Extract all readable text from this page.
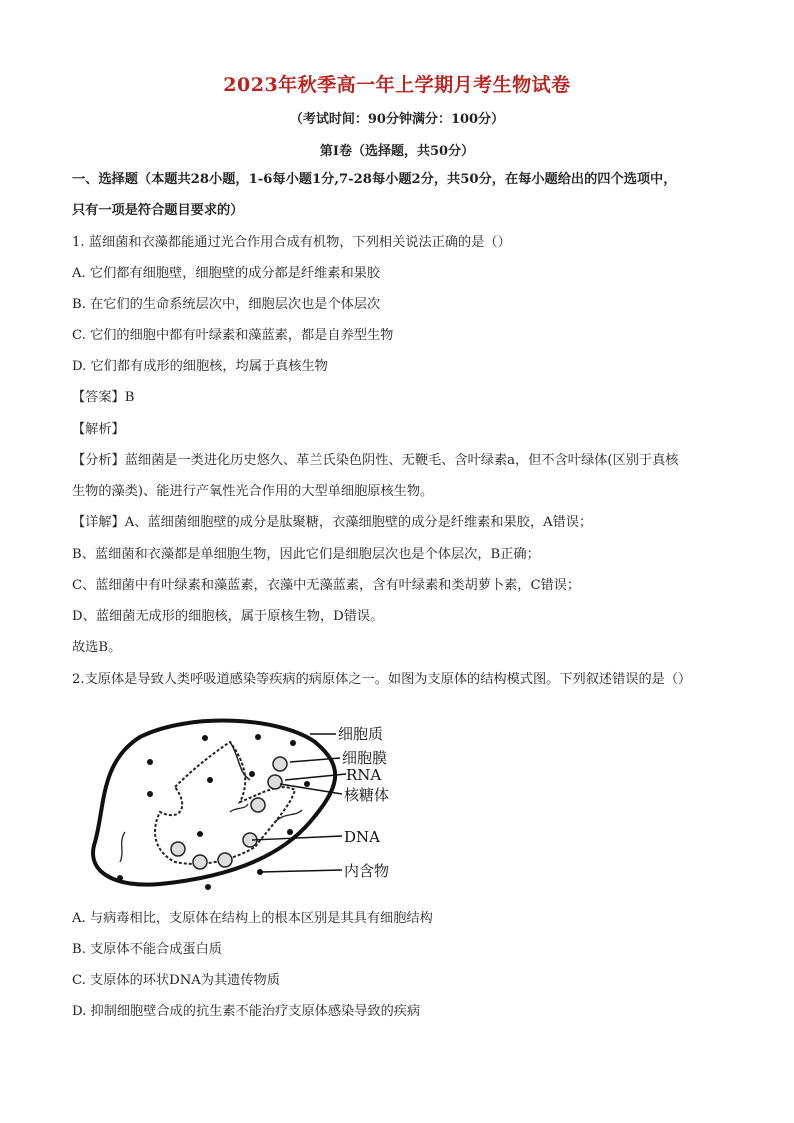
2023年秋季高一年上学期月考生物试卷
（考试时间：90分钟满分：100分）
第Ⅰ卷（选择题，共50分）
一、选择题（本题共28小题，1-6每小题1分,7-28每小题2分，共50分，在每小题给出的四个选项中，
只有一项是符合题目要求的）
1. 蓝细菌和衣藻都能通过光合作用合成有机物，下列相关说法正确的是（）
A. 它们都有细胞壁，细胞壁的成分都是纤维素和果胶
B. 在它们的生命系统层次中，细胞层次也是个体层次
C. 它们的细胞中都有叶绿素和藻蓝素，都是自养型生物
D. 它们都有成形的细胞核，均属于真核生物
【答案】B
【解析】
【分析】蓝细菌是一类进化历史悠久、革兰氏染色阴性、无鞭毛、含叶绿素a，但不含叶绿体(区别于真核
生物的藻类)、能进行产氧性光合作用的大型单细胞原核生物。
【详解】A、蓝细菌细胞壁的成分是肽聚糖，衣藻细胞壁的成分是纤维素和果胶，A错误；
B、蓝细菌和衣藻都是单细胞生物，因此它们是细胞层次也是个体层次，B正确；
C、蓝细菌中有叶绿素和藻蓝素，衣藻中无藻蓝素，含有叶绿素和类胡萝卜素，C错误；
D、蓝细菌无成形的细胞核，属于原核生物，D错误。
故选B。
2.支原体是导致人类呼吸道感染等疾病的病原体之一。如图为支原体的结构模式图。下列叙述错误的是（）
细胞质
细胞膜
RNA
核糖体
DNA
内含物
A. 与病毒相比，支原体在结构上的根本区别是其具有细胞结构
B. 支原体不能合成蛋白质
C. 支原体的环状DNA为其遗传物质
D. 抑制细胞壁合成的抗生素不能治疗支原体感染导致的疾病
